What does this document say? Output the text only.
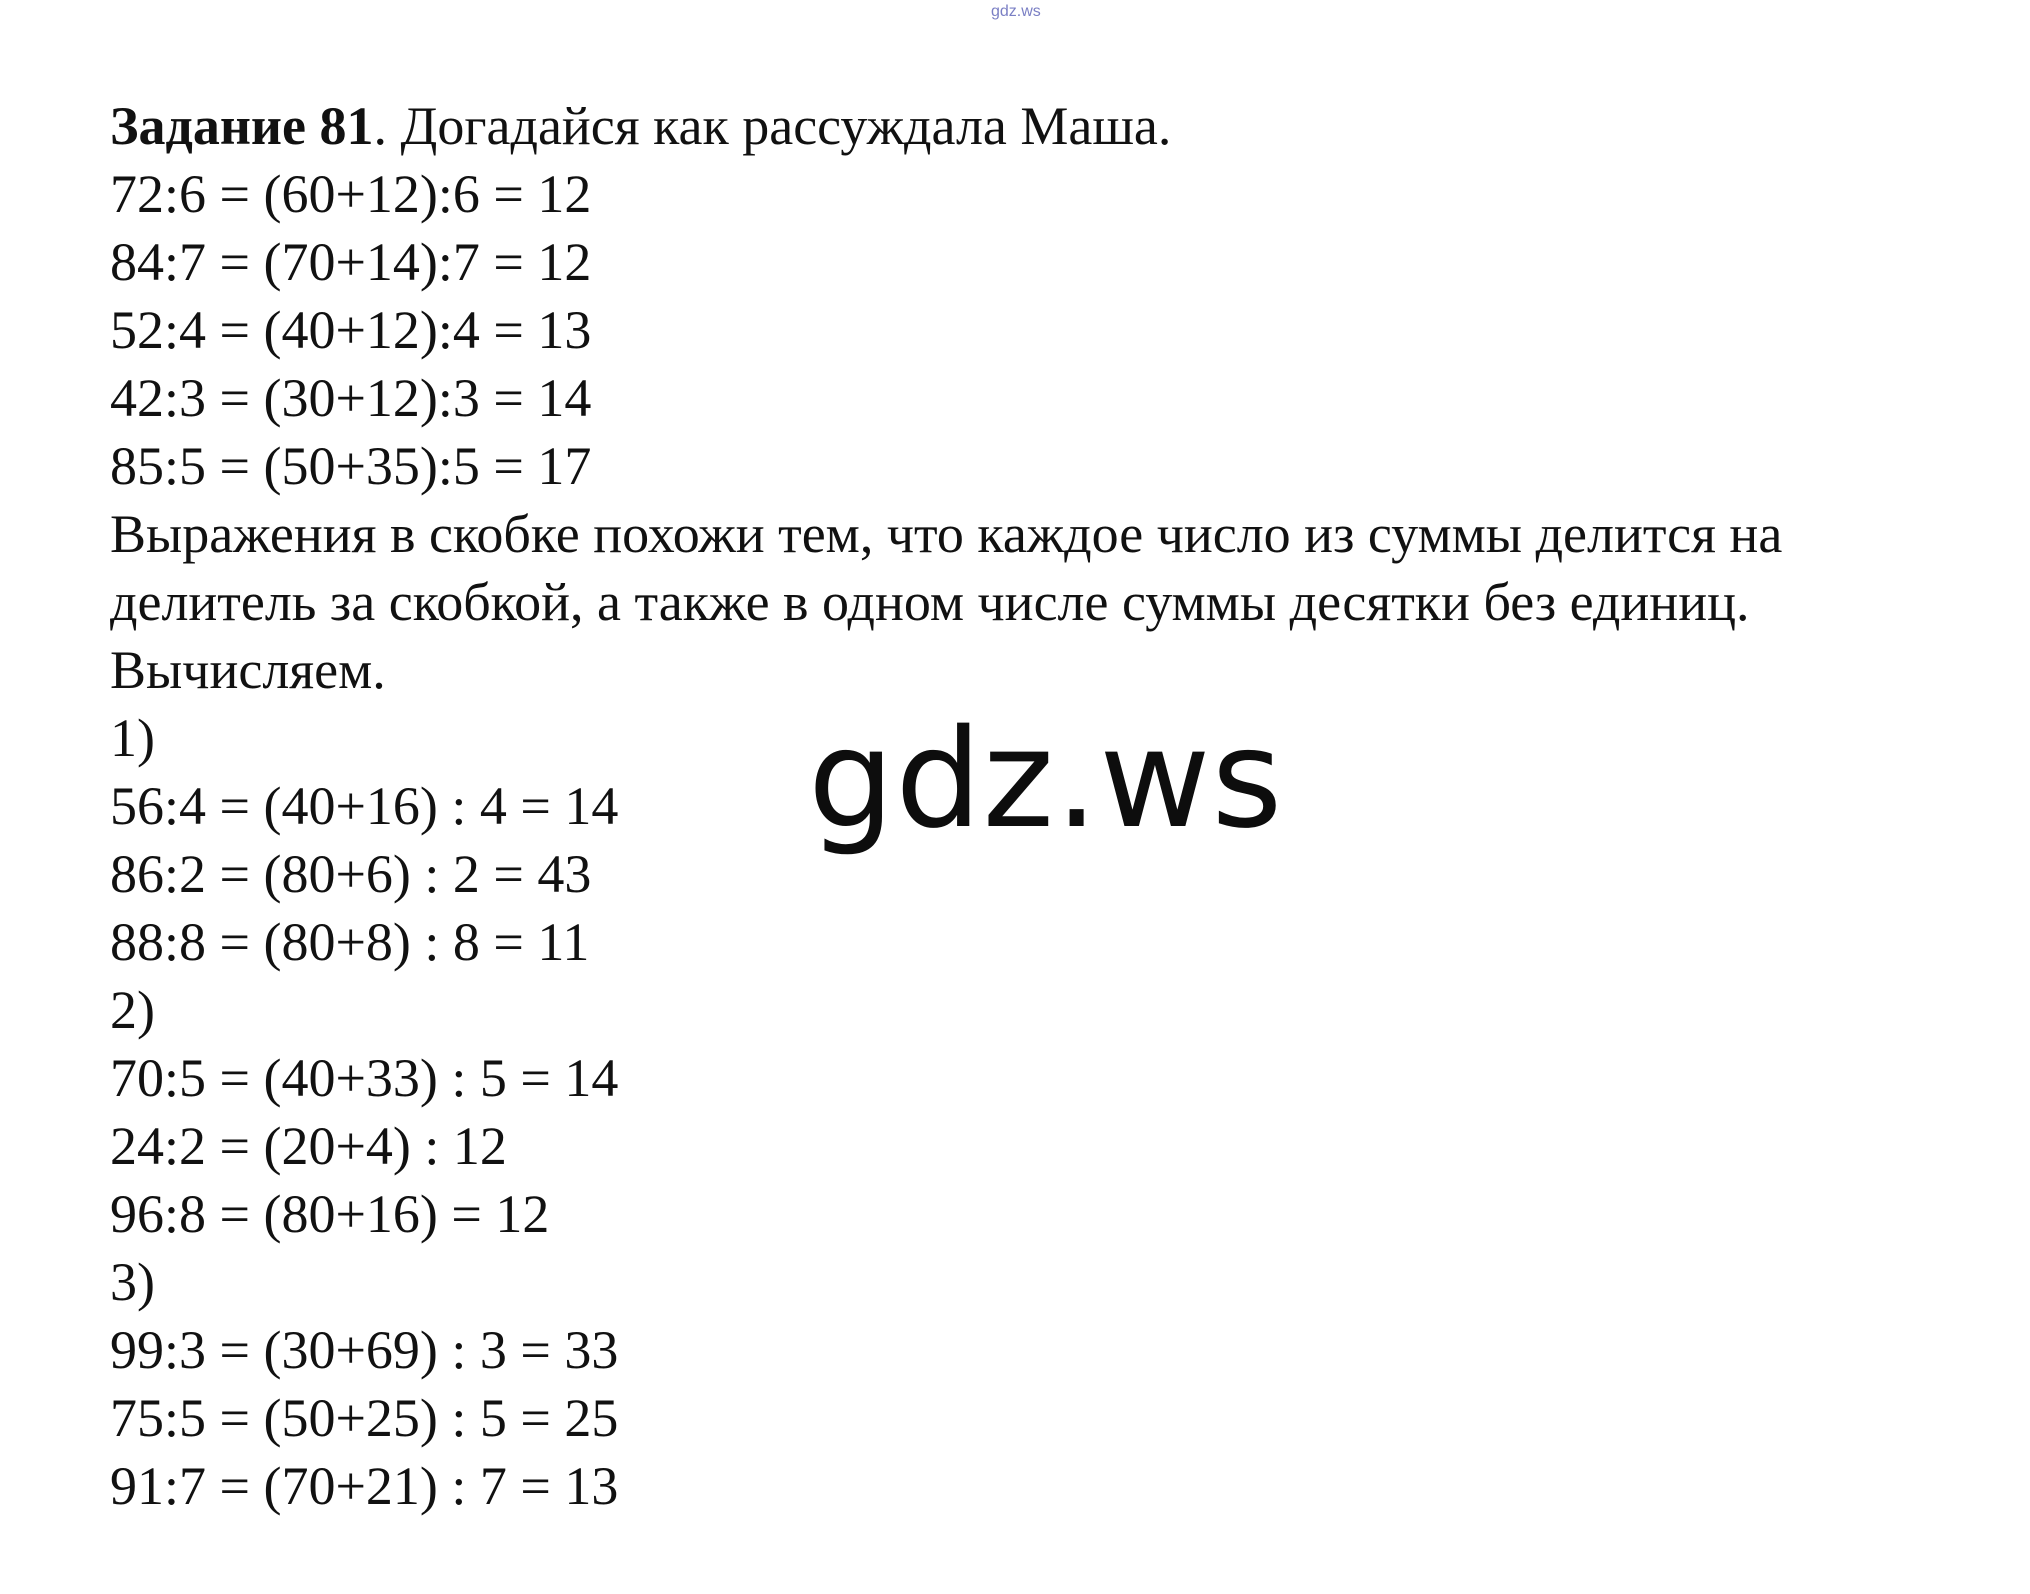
gdz.ws
Задание 81. Догадайся как рассуждала Маша.
72:6 = (60+12):6 = 12
84:7 = (70+14):7 = 12
52:4 = (40+12):4 = 13
42:3 = (30+12):3 = 14
85:5 = (50+35):5 = 17
Выражения в скобке похожи тем, что каждое число из суммы делится на делитель за скобкой, а также в одном числе суммы десятки без единиц.
Вычисляем.
1)
56:4 = (40+16) : 4 = 14
86:2 = (80+6) : 2 = 43
88:8 = (80+8) : 8 = 11
2)
70:5 = (40+33) : 5 = 14
24:2 = (20+4) : 12
96:8 = (80+16) = 12
3)
99:3 = (30+69) : 3 = 33
75:5 = (50+25) : 5 = 25
91:7 = (70+21) : 7 = 13
gdz.ws
